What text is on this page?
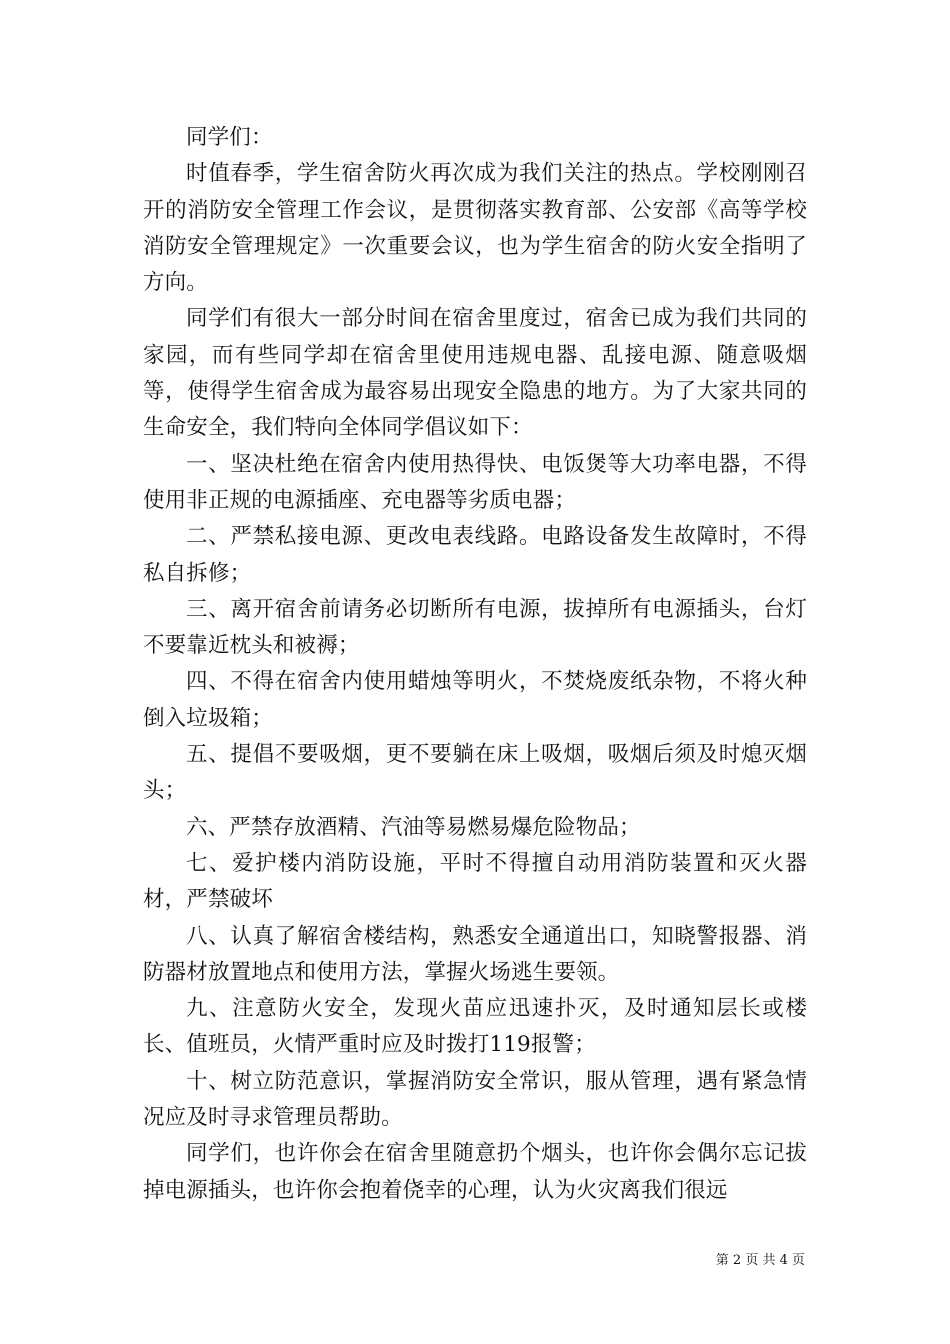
同学们：

时值春季，学生宿舍防火再次成为我们关注的热点。学校刚刚召开的消防安全管理工作会议，是贯彻落实教育部、公安部《高等学校消防安全管理规定》一次重要会议，也为学生宿舍的防火安全指明了方向。

同学们有很大一部分时间在宿舍里度过，宿舍已成为我们共同的家园，而有些同学却在宿舍里使用违规电器、乱接电源、随意吸烟等，使得学生宿舍成为最容易出现安全隐患的地方。为了大家共同的生命安全，我们特向全体同学倡议如下：

一、坚决杜绝在宿舍内使用热得快、电饭煲等大功率电器，不得使用非正规的电源插座、充电器等劣质电器；

二、严禁私接电源、更改电表线路。电路设备发生故障时，不得私自拆修；

三、离开宿舍前请务必切断所有电源，拔掉所有电源插头，台灯不要靠近枕头和被褥；

四、不得在宿舍内使用蜡烛等明火，不焚烧废纸杂物，不将火种倒入垃圾箱；

五、提倡不要吸烟，更不要躺在床上吸烟，吸烟后须及时熄灭烟头；

六、严禁存放酒精、汽油等易燃易爆危险物品；

七、爱护楼内消防设施，平时不得擅自动用消防装置和灭火器材，严禁破坏

八、认真了解宿舍楼结构，熟悉安全通道出口，知晓警报器、消防器材放置地点和使用方法，掌握火场逃生要领。

九、注意防火安全，发现火苗应迅速扑灭，及时通知层长或楼长、值班员，火情严重时应及时拨打119报警；

十、树立防范意识，掌握消防安全常识，服从管理，遇有紧急情况应及时寻求管理员帮助。

同学们，也许你会在宿舍里随意扔个烟头，也许你会偶尔忘记拔掉电源插头，也许你会抱着侥幸的心理，认为火灾离我们很远

第 2 页 共 4 页
